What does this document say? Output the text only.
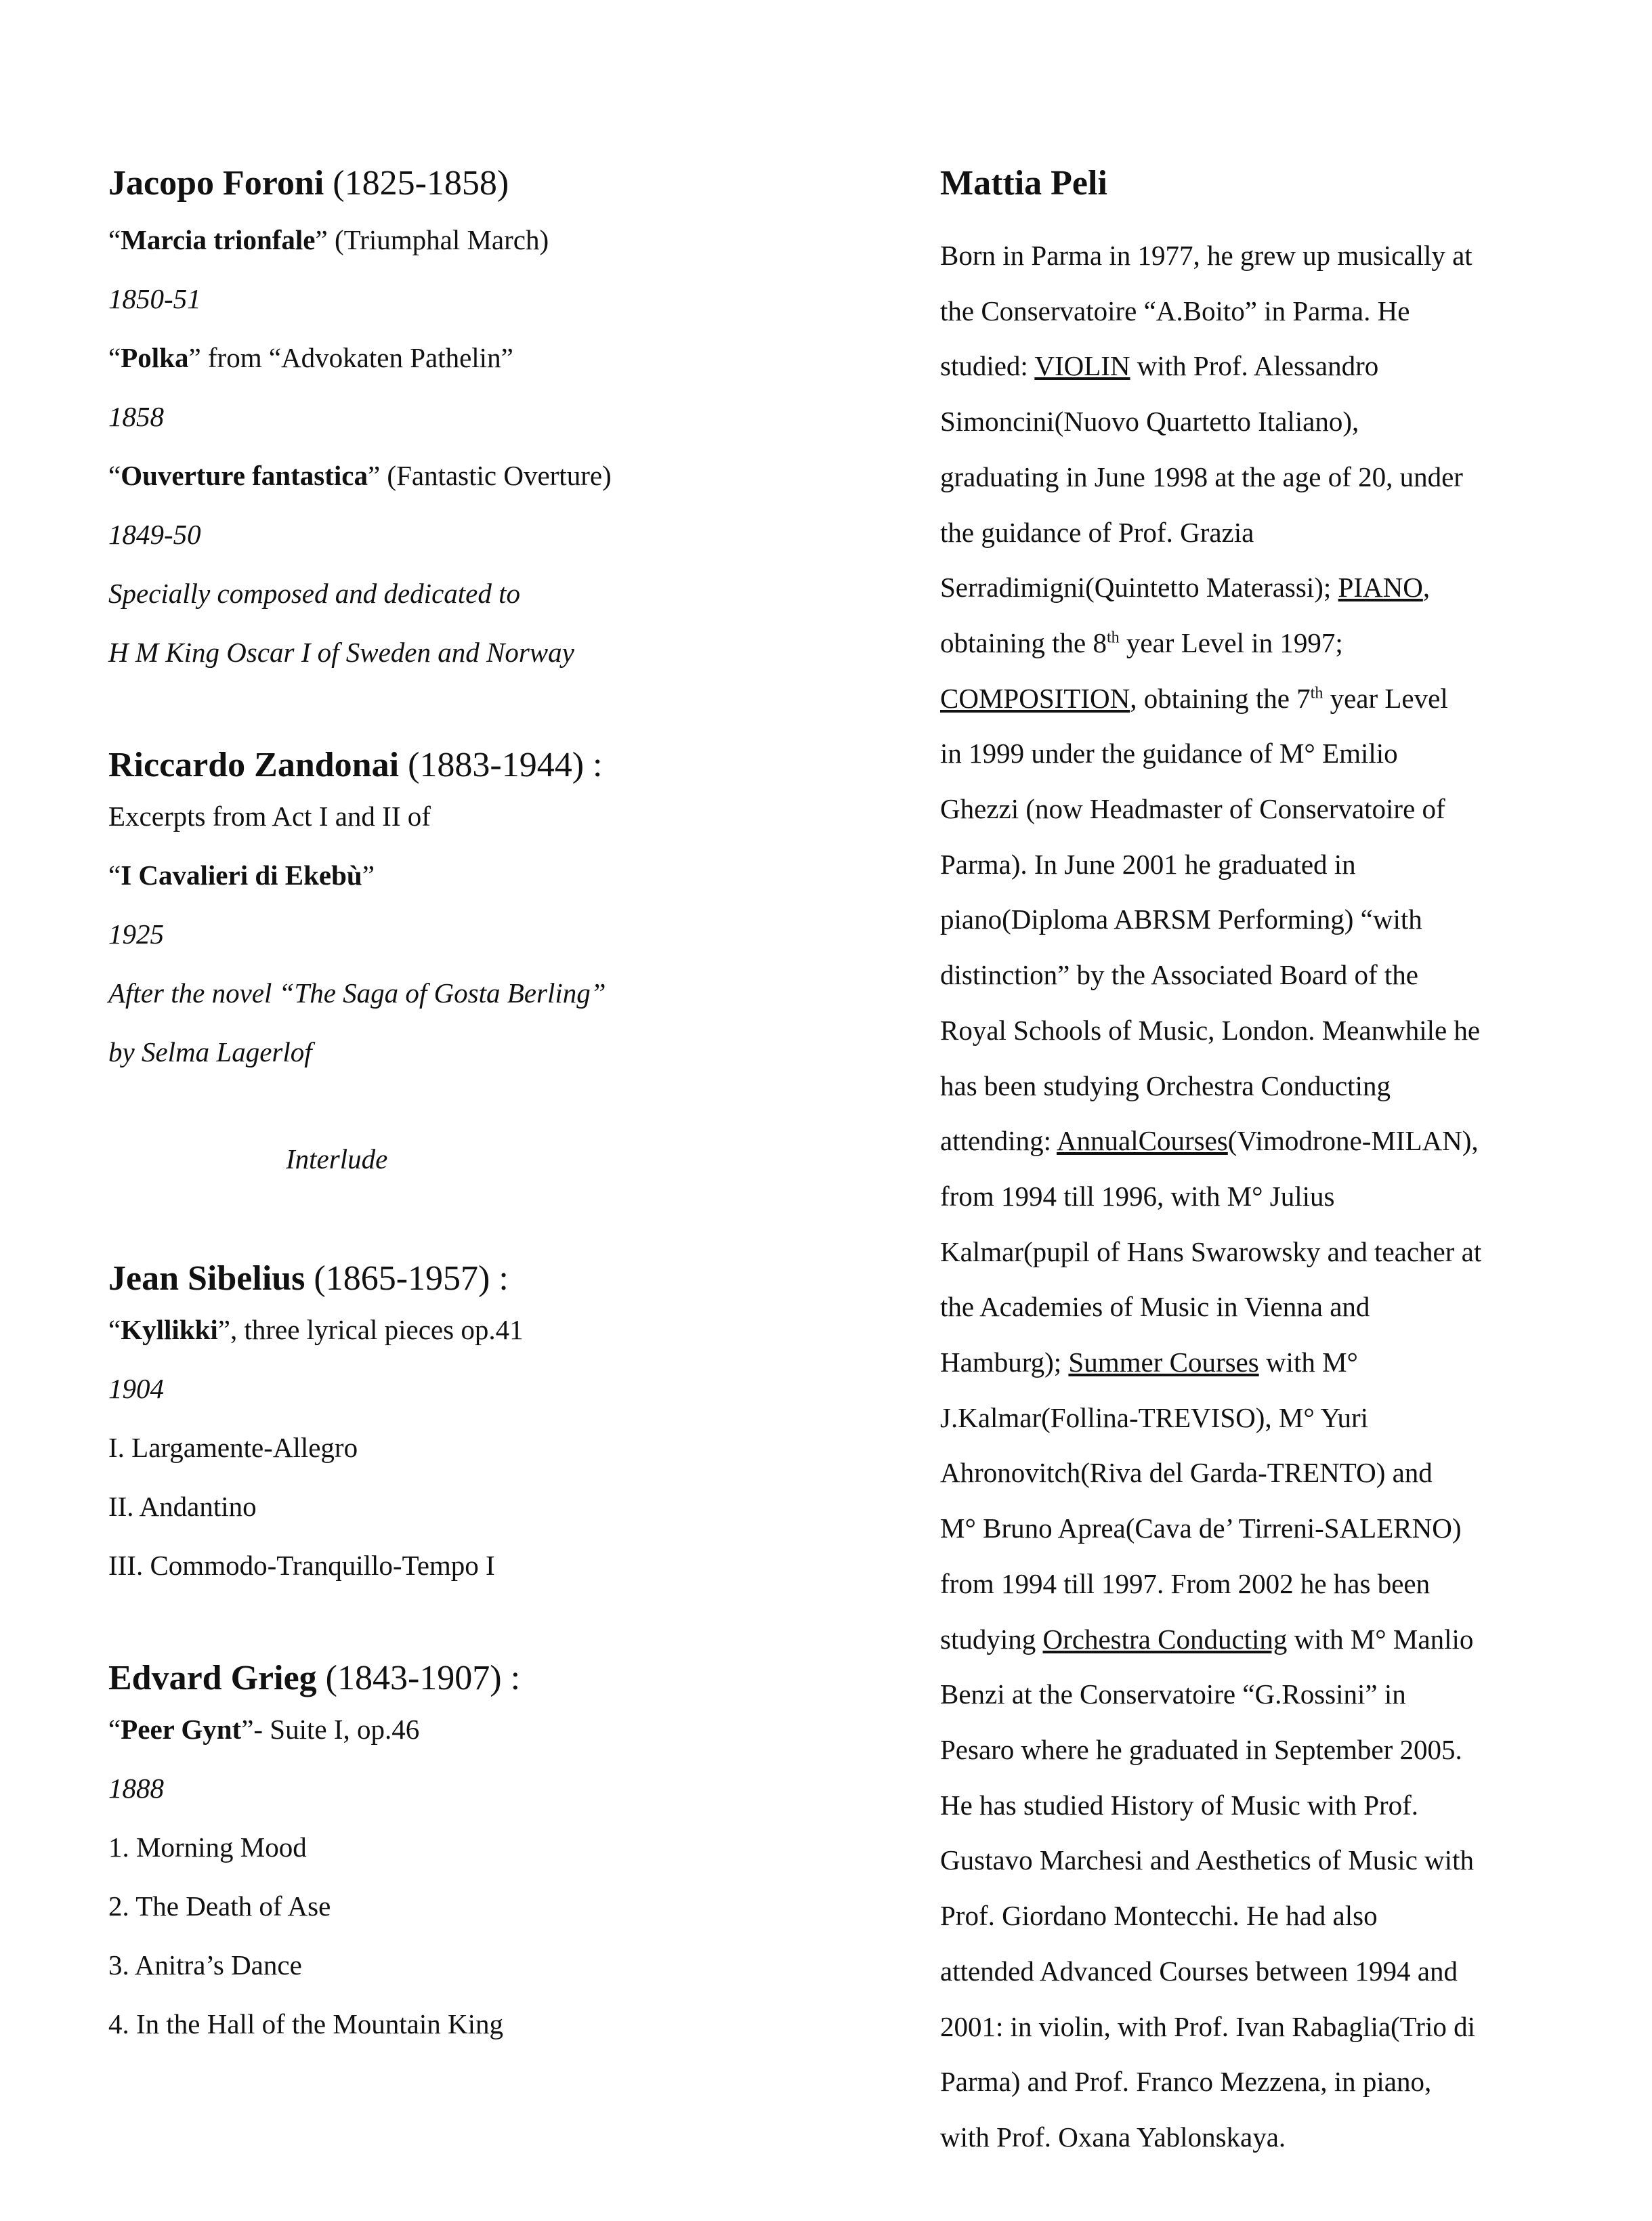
Jacopo Foroni (1825-1858)
“Marcia trionfale” (Triumphal March)
1850-51
“Polka” from “Advokaten Pathelin”
1858
“Ouverture fantastica” (Fantastic Overture)
1849-50
Specially composed and dedicated to
H M King Oscar I of Sweden and Norway
Riccardo Zandonai (1883-1944) :
Excerpts from Act I and II of
“I Cavalieri di Ekebù”
1925
After the novel “The Saga of Gosta Berling”
by Selma Lagerlof
Interlude
Jean Sibelius (1865-1957) :
“Kyllikki”, three lyrical pieces op.41
1904
I. Largamente-Allegro
II. Andantino
III. Commodo-Tranquillo-Tempo I
Edvard Grieg (1843-1907) :
“Peer Gynt”- Suite I, op.46
1888
1. Morning Mood
2. The Death of Ase
3. Anitra’s Dance
4. In the Hall of the Mountain King
Mattia Peli
Born in Parma in 1977, he grew up musically at
the Conservatoire “A.Boito” in Parma. He
studied: VIOLIN with Prof. Alessandro
Simoncini(Nuovo Quartetto Italiano),
graduating in June 1998 at the age of 20, under
the guidance of Prof. Grazia
Serradimigni(Quintetto Materassi); PIANO,
obtaining the 8th year Level in 1997;
COMPOSITION, obtaining the 7th year Level
in 1999 under the guidance of M° Emilio
Ghezzi (now Headmaster of Conservatoire of
Parma). In June 2001 he graduated in
piano(Diploma ABRSM Performing) “with
distinction” by the Associated Board of the
Royal Schools of Music, London. Meanwhile he
has been studying Orchestra Conducting
attending: AnnualCourses(Vimodrone-MILAN),
from 1994 till 1996, with M° Julius
Kalmar(pupil of Hans Swarowsky and teacher at
the Academies of Music in Vienna and
Hamburg); Summer Courses with M°
J.Kalmar(Follina-TREVISO), M° Yuri
Ahronovitch(Riva del Garda-TRENTO) and
M° Bruno Aprea(Cava de’ Tirreni-SALERNO)
from 1994 till 1997. From 2002 he has been
studying Orchestra Conducting with M° Manlio
Benzi at the Conservatoire “G.Rossini” in
Pesaro where he graduated in September 2005.
He has studied History of Music with Prof.
Gustavo Marchesi and Aesthetics of Music with
Prof. Giordano Montecchi. He had also
attended Advanced Courses between 1994 and
2001: in violin, with Prof. Ivan Rabaglia(Trio di
Parma) and Prof. Franco Mezzena, in piano,
with Prof. Oxana Yablonskaya.
